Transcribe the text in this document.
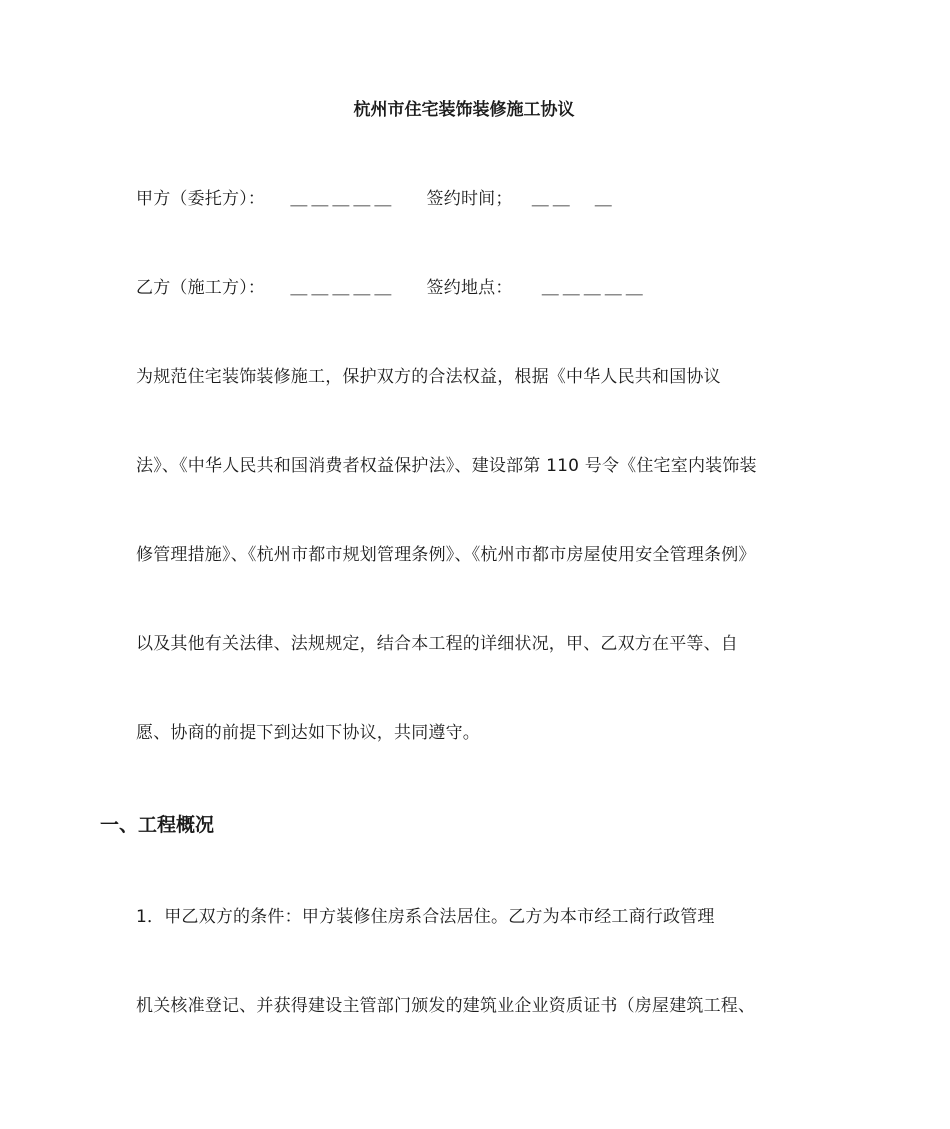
杭州市住宅装饰装修施工协议
甲方（委托方）： ＿＿＿＿＿ 签约时间； ＿＿　＿
乙方（施工方）： ＿＿＿＿＿ 签约地点： ＿＿＿＿＿
为规范住宅装饰装修施工，保护双方的合法权益，根据《中华人民共和国协议
法》、《中华人民共和国消费者权益保护法》、建设部第 110 号令《住宅室内装饰装
修管理措施》、《杭州市都市规划管理条例》、《杭州市都市房屋使用安全管理条例》
以及其他有关法律、法规规定，结合本工程的详细状况，甲、乙双方在平等、自
愿、协商的前提下到达如下协议，共同遵守。
一、工程概况
1．甲乙双方的条件：甲方装修住房系合法居住。乙方为本市经工商行政管理
机关核准登记、并获得建设主管部门颁发的建筑业企业资质证书（房屋建筑工程、
